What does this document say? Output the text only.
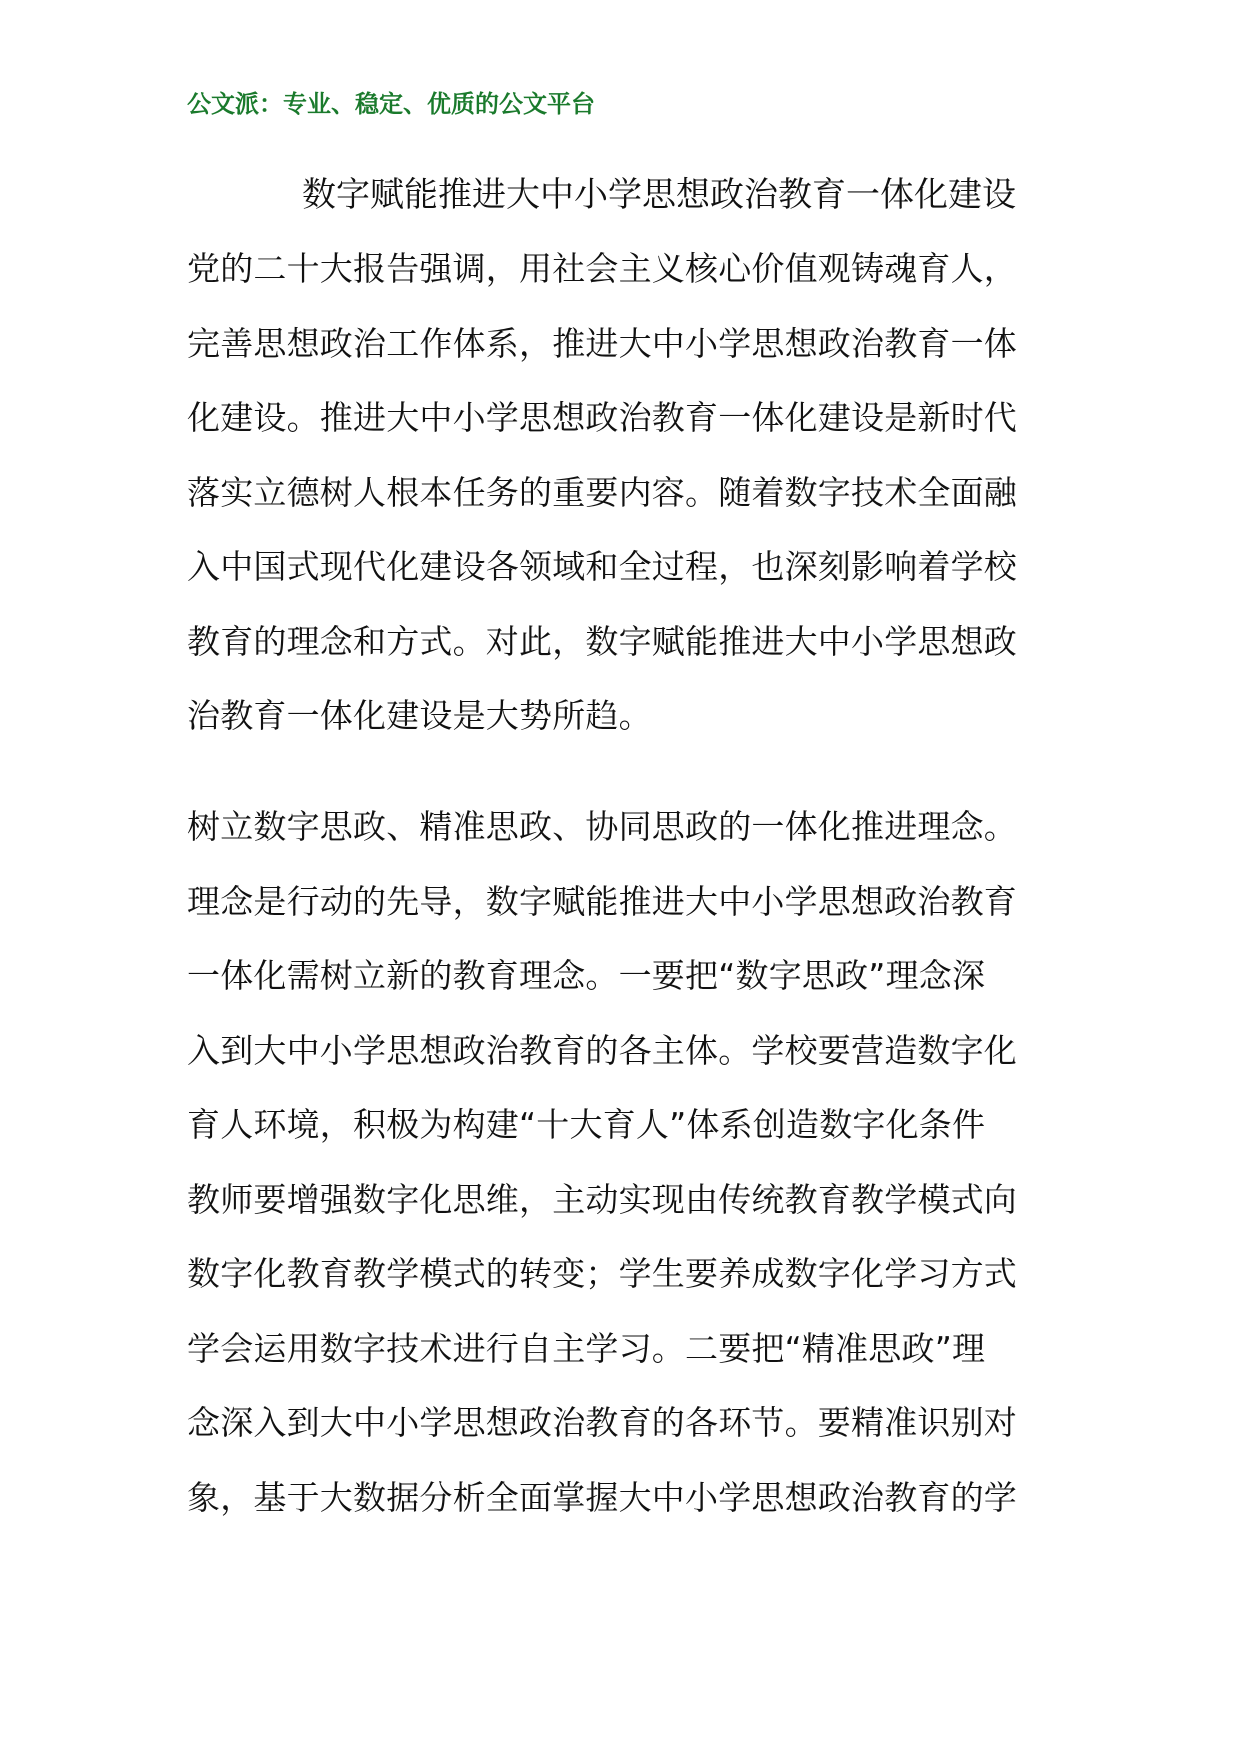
公文派：专业、稳定、优质的公文平台
数字赋能推进大中小学思想政治教育一体化建设
党的二十大报告强调，用社会主义核心价值观铸魂育人，
完善思想政治工作体系，推进大中小学思想政治教育一体
化建设。推进大中小学思想政治教育一体化建设是新时代
落实立德树人根本任务的重要内容。随着数字技术全面融
入中国式现代化建设各领域和全过程，也深刻影响着学校
教育的理念和方式。对此，数字赋能推进大中小学思想政
治教育一体化建设是大势所趋。
树立数字思政、精准思政、协同思政的一体化推进理念。
理念是行动的先导，数字赋能推进大中小学思想政治教育
一体化需树立新的教育理念。一要把“数字思政”理念深
入到大中小学思想政治教育的各主体。学校要营造数字化
育人环境，积极为构建“十大育人”体系创造数字化条件
教师要增强数字化思维，主动实现由传统教育教学模式向
数字化教育教学模式的转变；学生要养成数字化学习方式
学会运用数字技术进行自主学习。二要把“精准思政”理
念深入到大中小学思想政治教育的各环节。要精准识别对
象，基于大数据分析全面掌握大中小学思想政治教育的学
